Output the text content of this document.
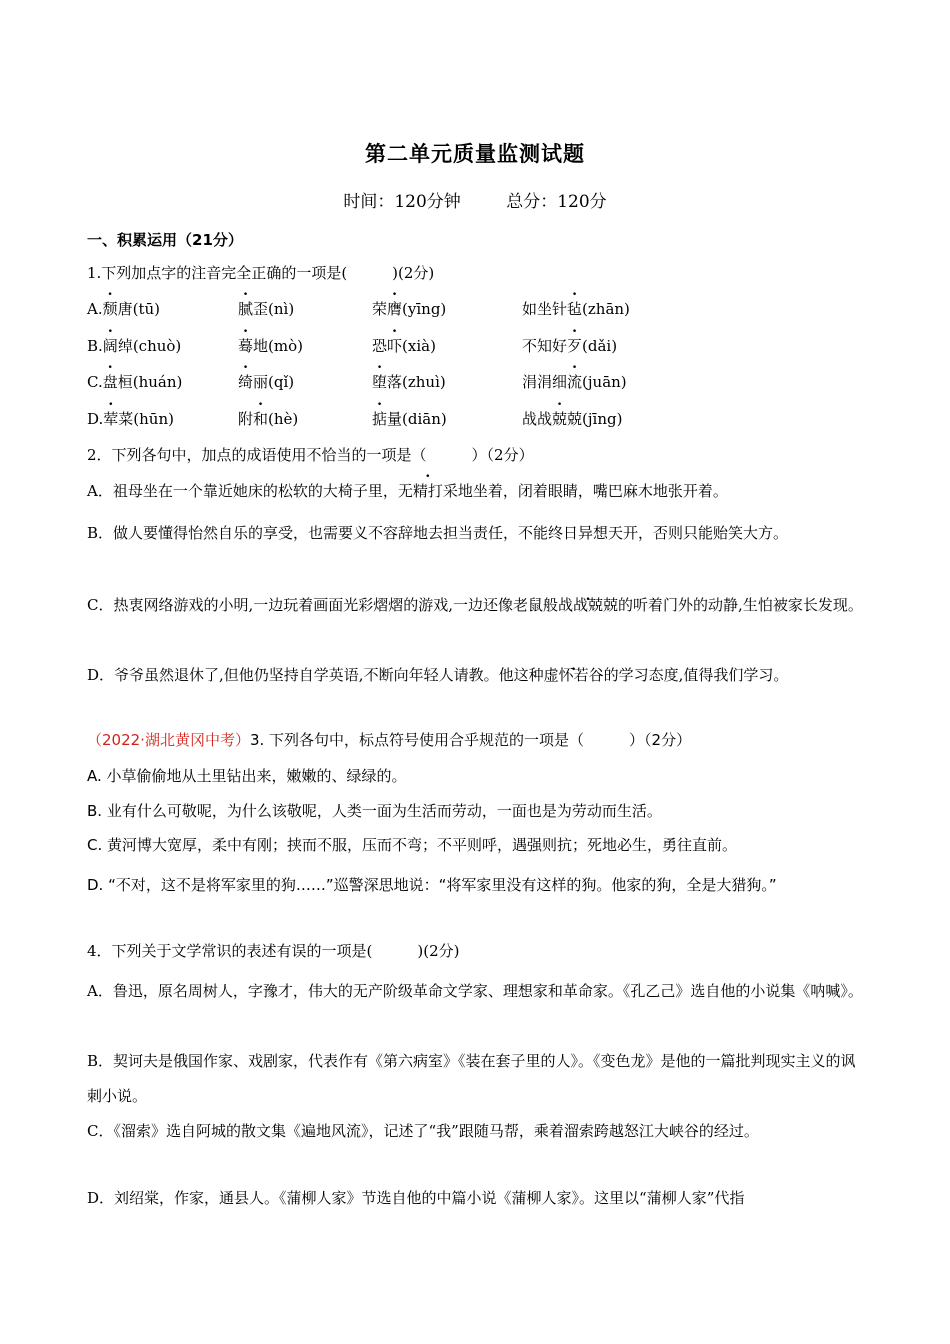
第二单元质量监测试题
时间：120分钟	总分：120分
一、积累运用（21分）
1.下列加点字的注音完全正确的一项是(　　　)(2分)
A.颓唐(tū)	腻歪(nì)	荣膺(yīng)	如坐针毡(zhān)
B.阔绰(chuò)	蓦地(mò)	恐吓(xià)	不知好歹(dǎi)
C.盘桓(huán)	绮丽(qǐ)	堕落(zhuì)	涓涓细流(juān)
D.荤菜(hūn)	附和(hè)	掂量(diān)	战战兢兢(jīng)
2．下列各句中，加点的成语使用不恰当的一项是（　　　）（2分）
A．祖母坐在一个靠近她床的松软的大椅子里，无精打采地坐着，闭着眼睛，嘴巴麻木地张开着。
B．做人要懂得怡然自乐的享受，也需要义不容辞地去担当责任，不能终日异想天开，否则只能贻笑大方。
C．热衷网络游戏的小明,一边玩着画面光彩熠熠的游戏,一边还像老鼠般战战兢兢的听着门外的动静,生怕被家长发现。
D．爷爷虽然退休了,但他仍坚持自学英语,不断向年轻人请教。他这种虚怀若谷的学习态度,值得我们学习。
（2022·湖北黄冈中考）3. 下列各句中，标点符号使用合乎规范的一项是（　　　）（2分）
A. 小草偷偷地从土里钻出来，嫩嫩的、绿绿的。
B. 业有什么可敬呢，为什么该敬呢，人类一面为生活而劳动，一面也是为劳动而生活。
C. 黄河博大宽厚，柔中有刚；挟而不服，压而不弯；不平则呼，遇强则抗；死地必生，勇往直前。
D. “不对，这不是将军家里的狗……”巡警深思地说：“将军家里没有这样的狗。他家的狗，全是大猎狗。”
4．下列关于文学常识的表述有误的一项是(　　　)(2分)
A．鲁迅，原名周树人，字豫才，伟大的无产阶级革命文学家、理想家和革命家。《孔乙己》选自他的小说集《呐喊》。
B．契诃夫是俄国作家、戏剧家，代表作有《第六病室》《装在套子里的人》。《变色龙》是他的一篇批判现实主义的讽刺小说。
C．《溜索》选自阿城的散文集《遍地风流》，记述了“我”跟随马帮，乘着溜索跨越怒江大峡谷的经过。
D．刘绍棠，作家，通县人。《蒲柳人家》节选自他的中篇小说《蒲柳人家》。这里以“蒲柳人家”代指
